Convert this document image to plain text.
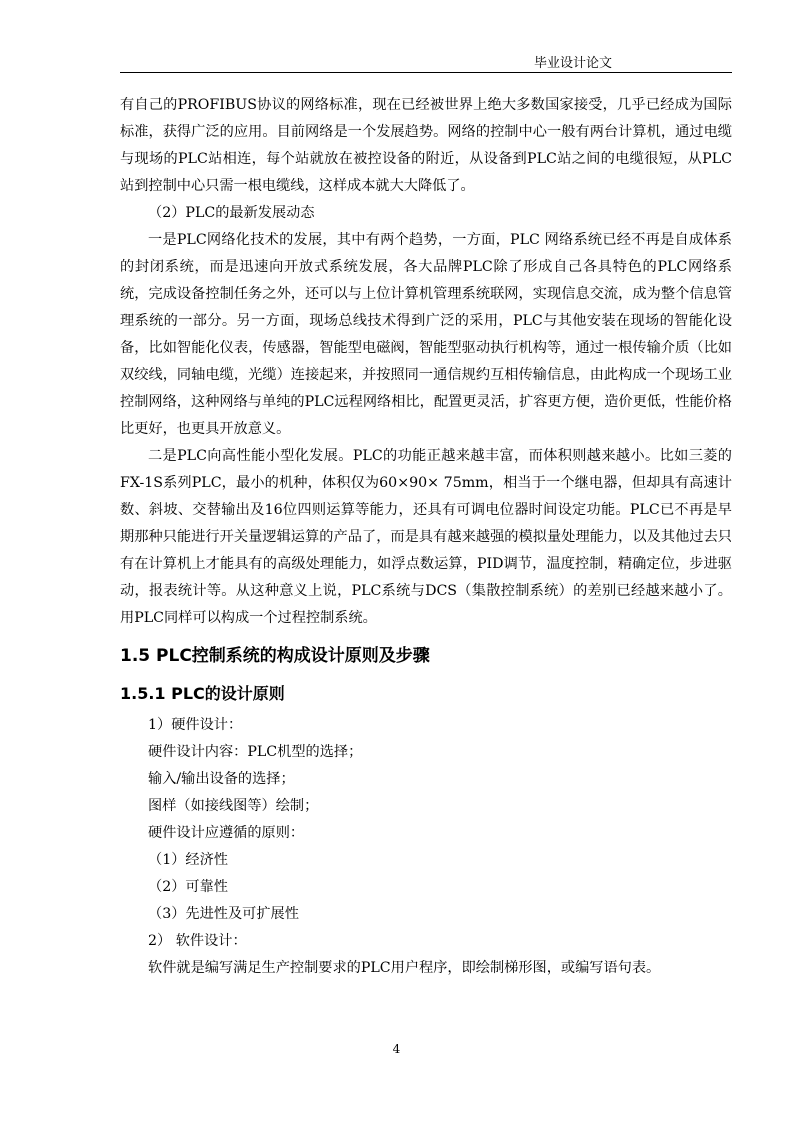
毕业设计论文

有自己的PROFIBUS协议的网络标准，现在已经被世界上绝大多数国家接受，几乎已经成为国际标准，获得广泛的应用。目前网络是一个发展趋势。网络的控制中心一般有两台计算机，通过电缆与现场的PLC站相连，每个站就放在被控设备的附近，从设备到PLC站之间的电缆很短，从PLC站到控制中心只需一根电缆线，这样成本就大大降低了。

（2）PLC的最新发展动态

一是PLC网络化技术的发展，其中有两个趋势，一方面，PLC 网络系统已经不再是自成体系的封闭系统，而是迅速向开放式系统发展，各大品牌PLC除了形成自己各具特色的PLC网络系统，完成设备控制任务之外，还可以与上位计算机管理系统联网，实现信息交流，成为整个信息管理系统的一部分。另一方面，现场总线技术得到广泛的采用，PLC与其他安装在现场的智能化设备，比如智能化仪表，传感器，智能型电磁阀，智能型驱动执行机构等，通过一根传输介质（比如双绞线，同轴电缆，光缆）连接起来，并按照同一通信规约互相传输信息，由此构成一个现场工业控制网络，这种网络与单纯的PLC远程网络相比，配置更灵活，扩容更方便，造价更低，性能价格比更好，也更具开放意义。

二是PLC向高性能小型化发展。PLC的功能正越来越丰富，而体积则越来越小。比如三菱的FX-1S系列PLC，最小的机种，体积仅为60×90× 75mm，相当于一个继电器，但却具有高速计数、斜坡、交替输出及16位四则运算等能力，还具有可调电位器时间设定功能。PLC已不再是早期那种只能进行开关量逻辑运算的产品了，而是具有越来越强的模拟量处理能力，以及其他过去只有在计算机上才能具有的高级处理能力，如浮点数运算，PID调节，温度控制，精确定位，步进驱动，报表统计等。从这种意义上说，PLC系统与DCS（集散控制系统）的差别已经越来越小了。用PLC同样可以构成一个过程控制系统。

1.5 PLC控制系统的构成设计原则及步骤
1.5.1 PLC的设计原则

1）硬件设计：

硬件设计内容：PLC机型的选择；

输入/输出设备的选择；

图样（如接线图等）绘制；

硬件设计应遵循的原则：

（1）经济性

（2）可靠性

（3）先进性及可扩展性

2） 软件设计：

软件就是编写满足生产控制要求的PLC用户程序，即绘制梯形图，或编写语句表。

4
